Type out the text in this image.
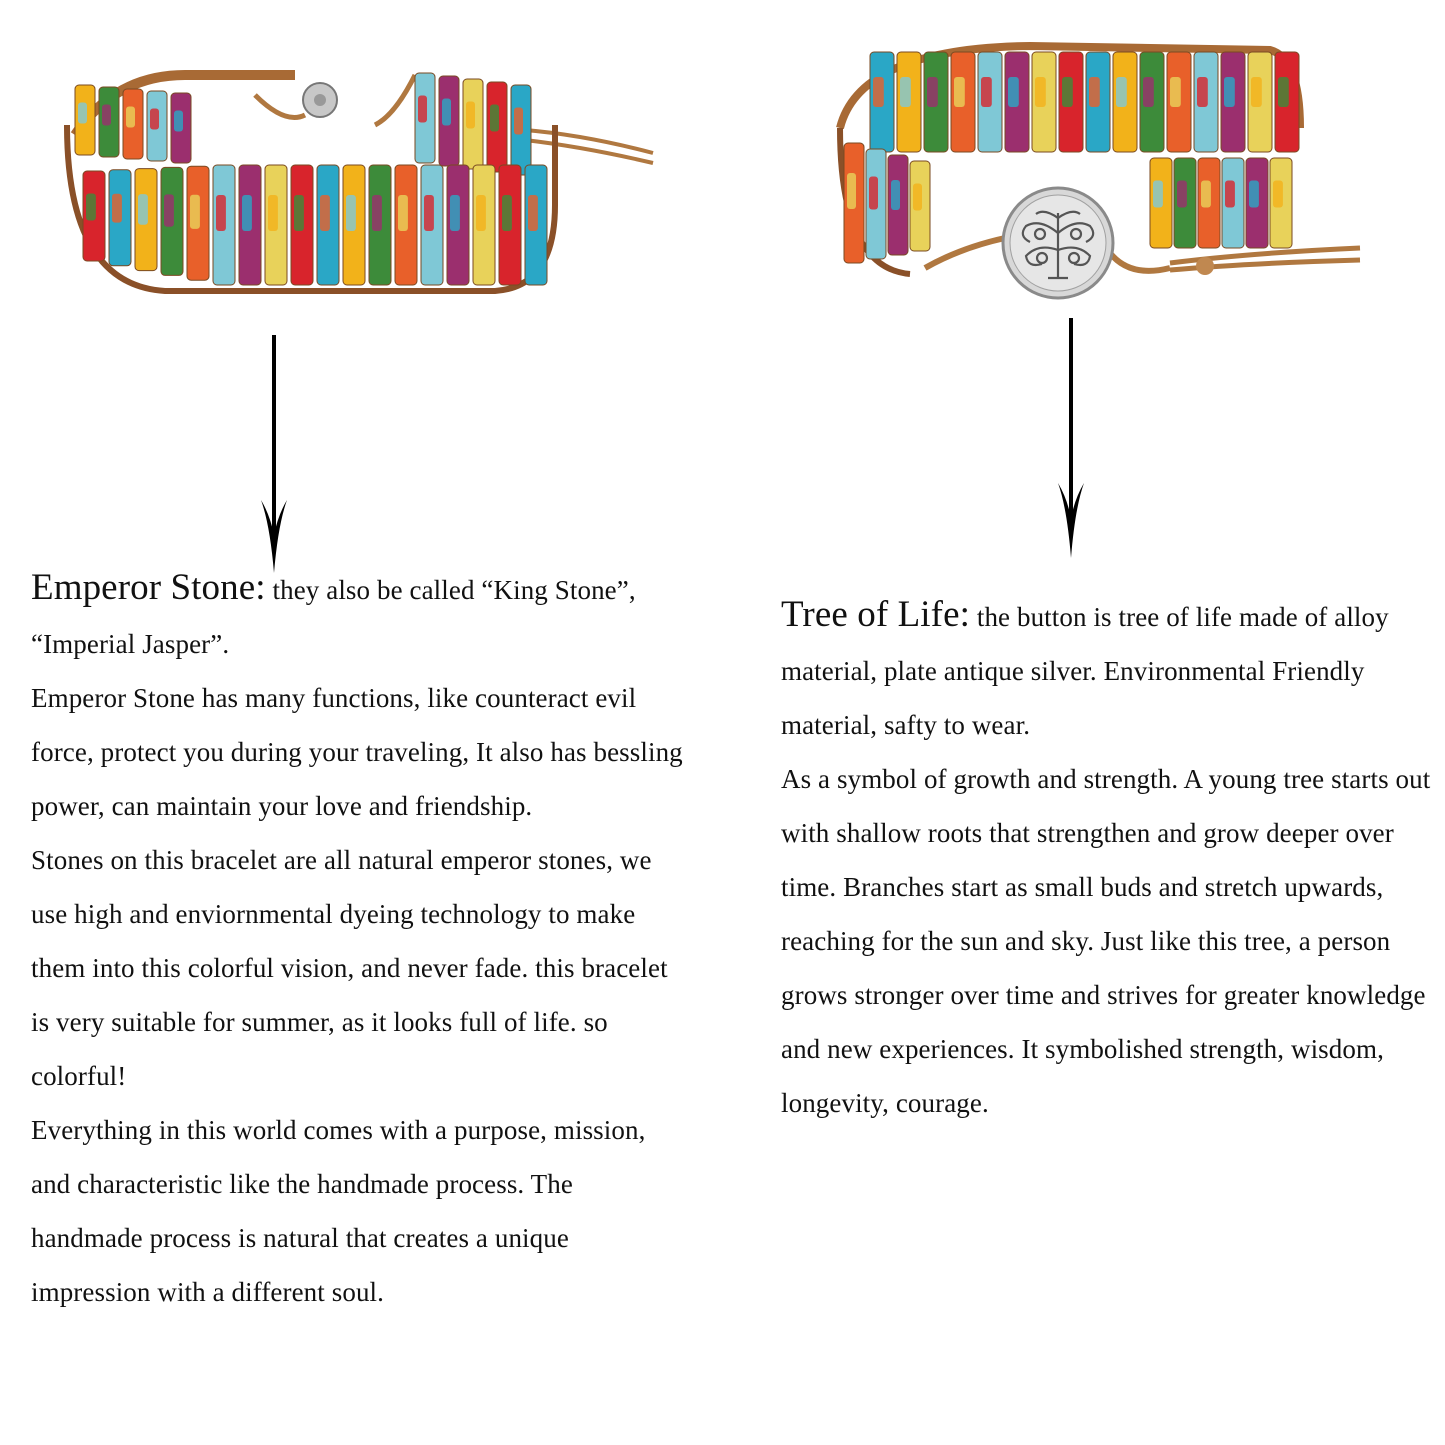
Emperor Stone: they also be called “King Stone”, “Imperial Jasper”.

Emperor Stone has many functions, like counteract evil force, protect you during your traveling, It also has bessling power, can maintain your love and friendship.

Stones on this bracelet are all natural emperor stones, we use high and enviornmental dyeing technology to make them into this colorful vision, and never fade. this bracelet is very suitable for summer, as it looks full of life. so colorful!

Everything in this world comes with a purpose, mission, and characteristic like the handmade process. The handmade process is natural that creates a unique impression with a different soul.

Tree of Life: the button is tree of life made of alloy material, plate antique silver. Environmental Friendly material, safty to wear.

As a symbol of growth and strength. A young tree starts out with shallow roots that strengthen and grow deeper over time. Branches start as small buds and stretch upwards, reaching for the sun and sky. Just like this tree, a person grows stronger over time and strives for greater knowledge and new experiences. It symbolished strength, wisdom, longevity, courage.
